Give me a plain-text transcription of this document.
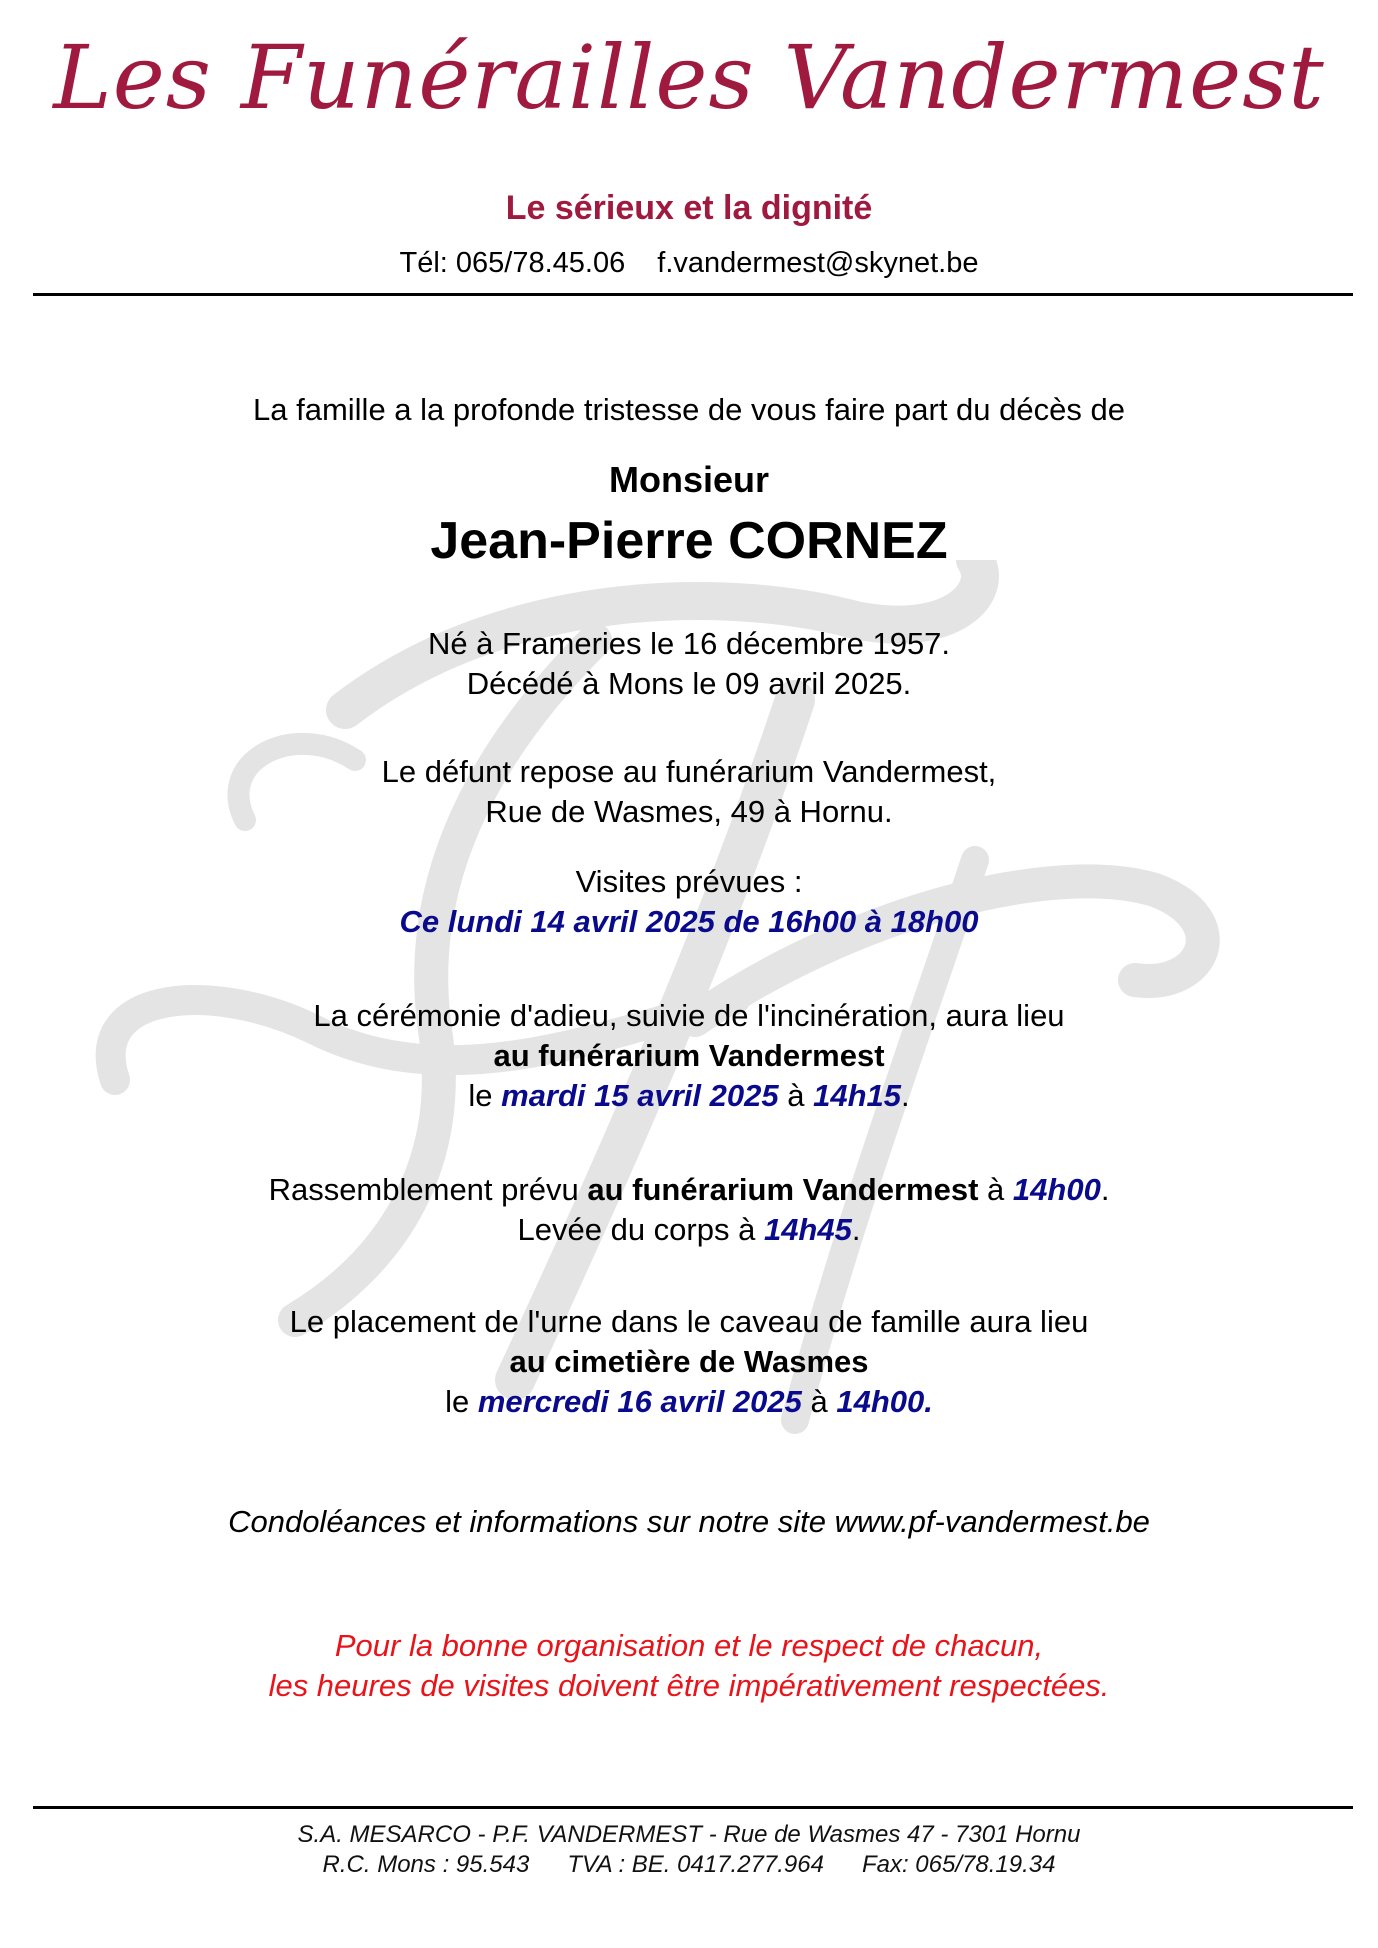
Les Funérailles Vandermest
Le sérieux et la dignité
Tél: 065/78.45.06 f.vandermest@skynet.be
La famille a la profonde tristesse de vous faire part du décès de
Monsieur
Jean-Pierre CORNEZ
Né à Frameries le 16 décembre 1957.
Décédé à Mons le 09 avril 2025.
Le défunt repose au funérarium Vandermest,
Rue de Wasmes, 49 à Hornu.
Visites prévues :
Ce lundi 14 avril 2025 de 16h00 à 18h00
La cérémonie d'adieu, suivie de l'incinération, aura lieu
au funérarium Vandermest
le mardi 15 avril 2025 à 14h15.
Rassemblement prévu au funérarium Vandermest à 14h00.
Levée du corps à 14h45.
Le placement de l'urne dans le caveau de famille aura lieu
au cimetière de Wasmes
le mercredi 16 avril 2025 à 14h00.
Condoléances et informations sur notre site www.pf-vandermest.be
Pour la bonne organisation et le respect de chacun,
les heures de visites doivent être impérativement respectées.
S.A. MESARCO - P.F. VANDERMEST - Rue de Wasmes 47 - 7301 Hornu
R.C. Mons : 95.543 TVA : BE. 0417.277.964 Fax: 065/78.19.34
